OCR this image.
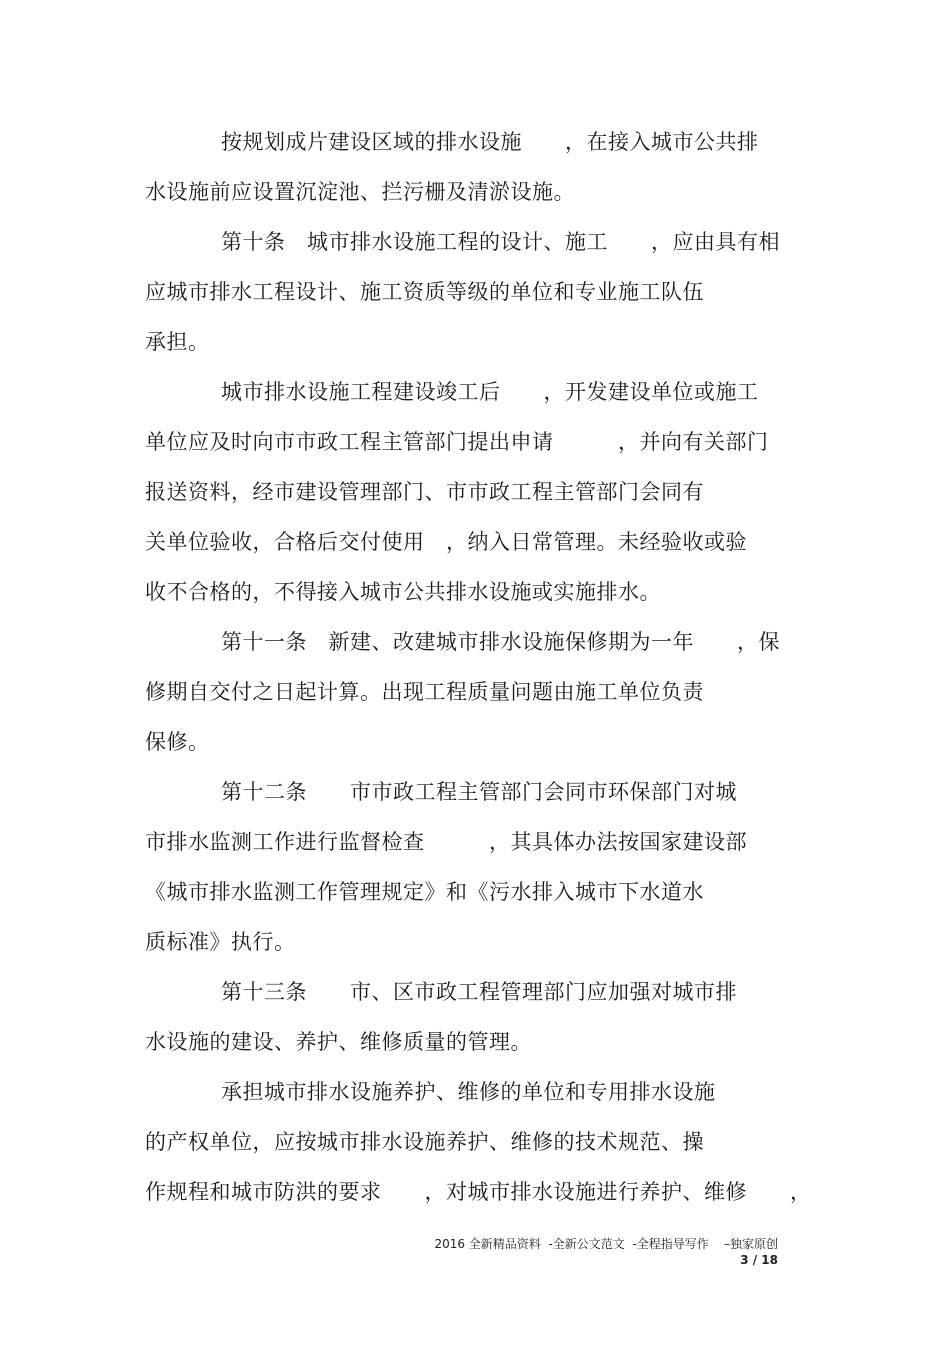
按规划成片建设区域的排水设施　　，在接入城市公共排
水设施前应设置沉淀池、拦污栅及清淤设施。
第十条　城市排水设施工程的设计、施工　　，应由具有相
应城市排水工程设计、施工资质等级的单位和专业施工队伍
承担。
城市排水设施工程建设竣工后　　，开发建设单位或施工
单位应及时向市市政工程主管部门提出申请　　　，并向有关部门
报送资料，经市建设管理部门、市市政工程主管部门会同有
关单位验收，合格后交付使用　，纳入日常管理。未经验收或验
收不合格的，不得接入城市公共排水设施或实施排水。
第十一条　新建、改建城市排水设施保修期为一年　　，保
修期自交付之日起计算。出现工程质量问题由施工单位负责
保修。
第十二条　　市市政工程主管部门会同市环保部门对城
市排水监测工作进行监督检查　　　，其具体办法按国家建设部
《城市排水监测工作管理规定》和《污水排入城市下水道水
质标准》执行。
第十三条　　市、区市政工程管理部门应加强对城市排
水设施的建设、养护、维修质量的管理。
承担城市排水设施养护、维修的单位和专用排水设施
的产权单位，应按城市排水设施养护、维修的技术规范、操
作规程和城市防洪的要求　　，对城市排水设施进行养护、维修　　，
2016 全新精品资料  -全新公文范文  -全程指导写作    –独家原创
3 / 18
